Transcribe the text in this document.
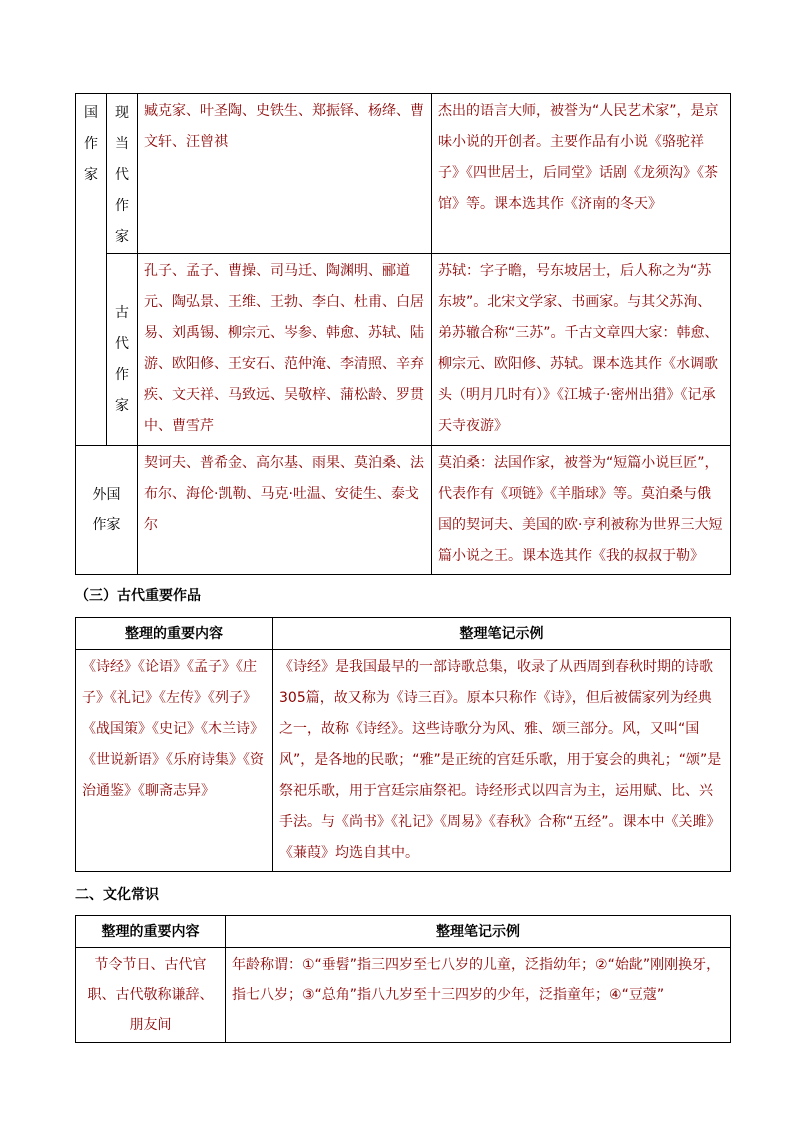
国作家	现当代作家	臧克家、叶圣陶、史铁生、郑振铎、杨绛、曹文轩、汪曾祺	杰出的语言大师，被誉为“人民艺术家”，是京味小说的开创者。主要作品有小说《骆驼祥子》《四世居士，后同堂》话剧《龙须沟》《茶馆》等。课本选其作《济南的冬天》

	古代作家	孔子、孟子、曹操、司马迁、陶渊明、郦道元、陶弘景、王维、王勃、李白、杜甫、白居易、刘禹锡、柳宗元、岑参、韩愈、苏轼、陆游、欧阳修、王安石、范仲淹、李清照、辛弃疾、文天祥、马致远、吴敬梓、蒲松龄、罗贯中、曹雪芹	苏轼：字子瞻，号东坡居士，后人称之为“苏东坡”。北宋文学家、书画家。与其父苏洵、弟苏辙合称“三苏”。千古文章四大家：韩愈、柳宗元、欧阳修、苏轼。课本选其作《水调歌头（明月几时有）》《江城子·密州出猎》《记承天寺夜游》

外国作家		契诃夫、普希金、高尔基、雨果、莫泊桑、法布尔、海伦·凯勒、马克·吐温、安徒生、泰戈尔	莫泊桑：法国作家，被誉为“短篇小说巨匠”，代表作有《项链》《羊脂球》等。莫泊桑与俄国的契诃夫、美国的欧·亨利被称为世界三大短篇小说之王。课本选其作《我的叔叔于勒》
（三）古代重要作品
整理的重要内容	整理笔记示例

《诗经》《论语》《孟子》《庄子》《礼记》《左传》《列子》《战国策》《史记》《木兰诗》《世说新语》《乐府诗集》《资治通鉴》《聊斋志异》	《诗经》是我国最早的一部诗歌总集，收录了从西周到春秋时期的诗歌305篇，故又称为《诗三百》。原本只称作《诗》，但后被儒家列为经典之一，故称《诗经》。这些诗歌分为风、雅、颂三部分。风，又叫“国风”，是各地的民歌；“雅”是正统的宫廷乐歌，用于宴会的典礼；“颂”是祭祀乐歌，用于宫廷宗庙祭祀。诗经形式以四言为主，运用赋、比、兴手法。与《尚书》《礼记》《周易》《春秋》合称“五经”。课本中《关雎》《蒹葭》均选自其中。
二、文化常识
整理的重要内容	整理笔记示例

节令节日、古代官职、古代敬称谦辞、朋友间	年龄称谓：①“垂髫”指三四岁至七八岁的儿童，泛指幼年；②“始龀”刚刚换牙，指七八岁；③“总角”指八九岁至十三四岁的少年，泛指童年；④“豆蔻”
